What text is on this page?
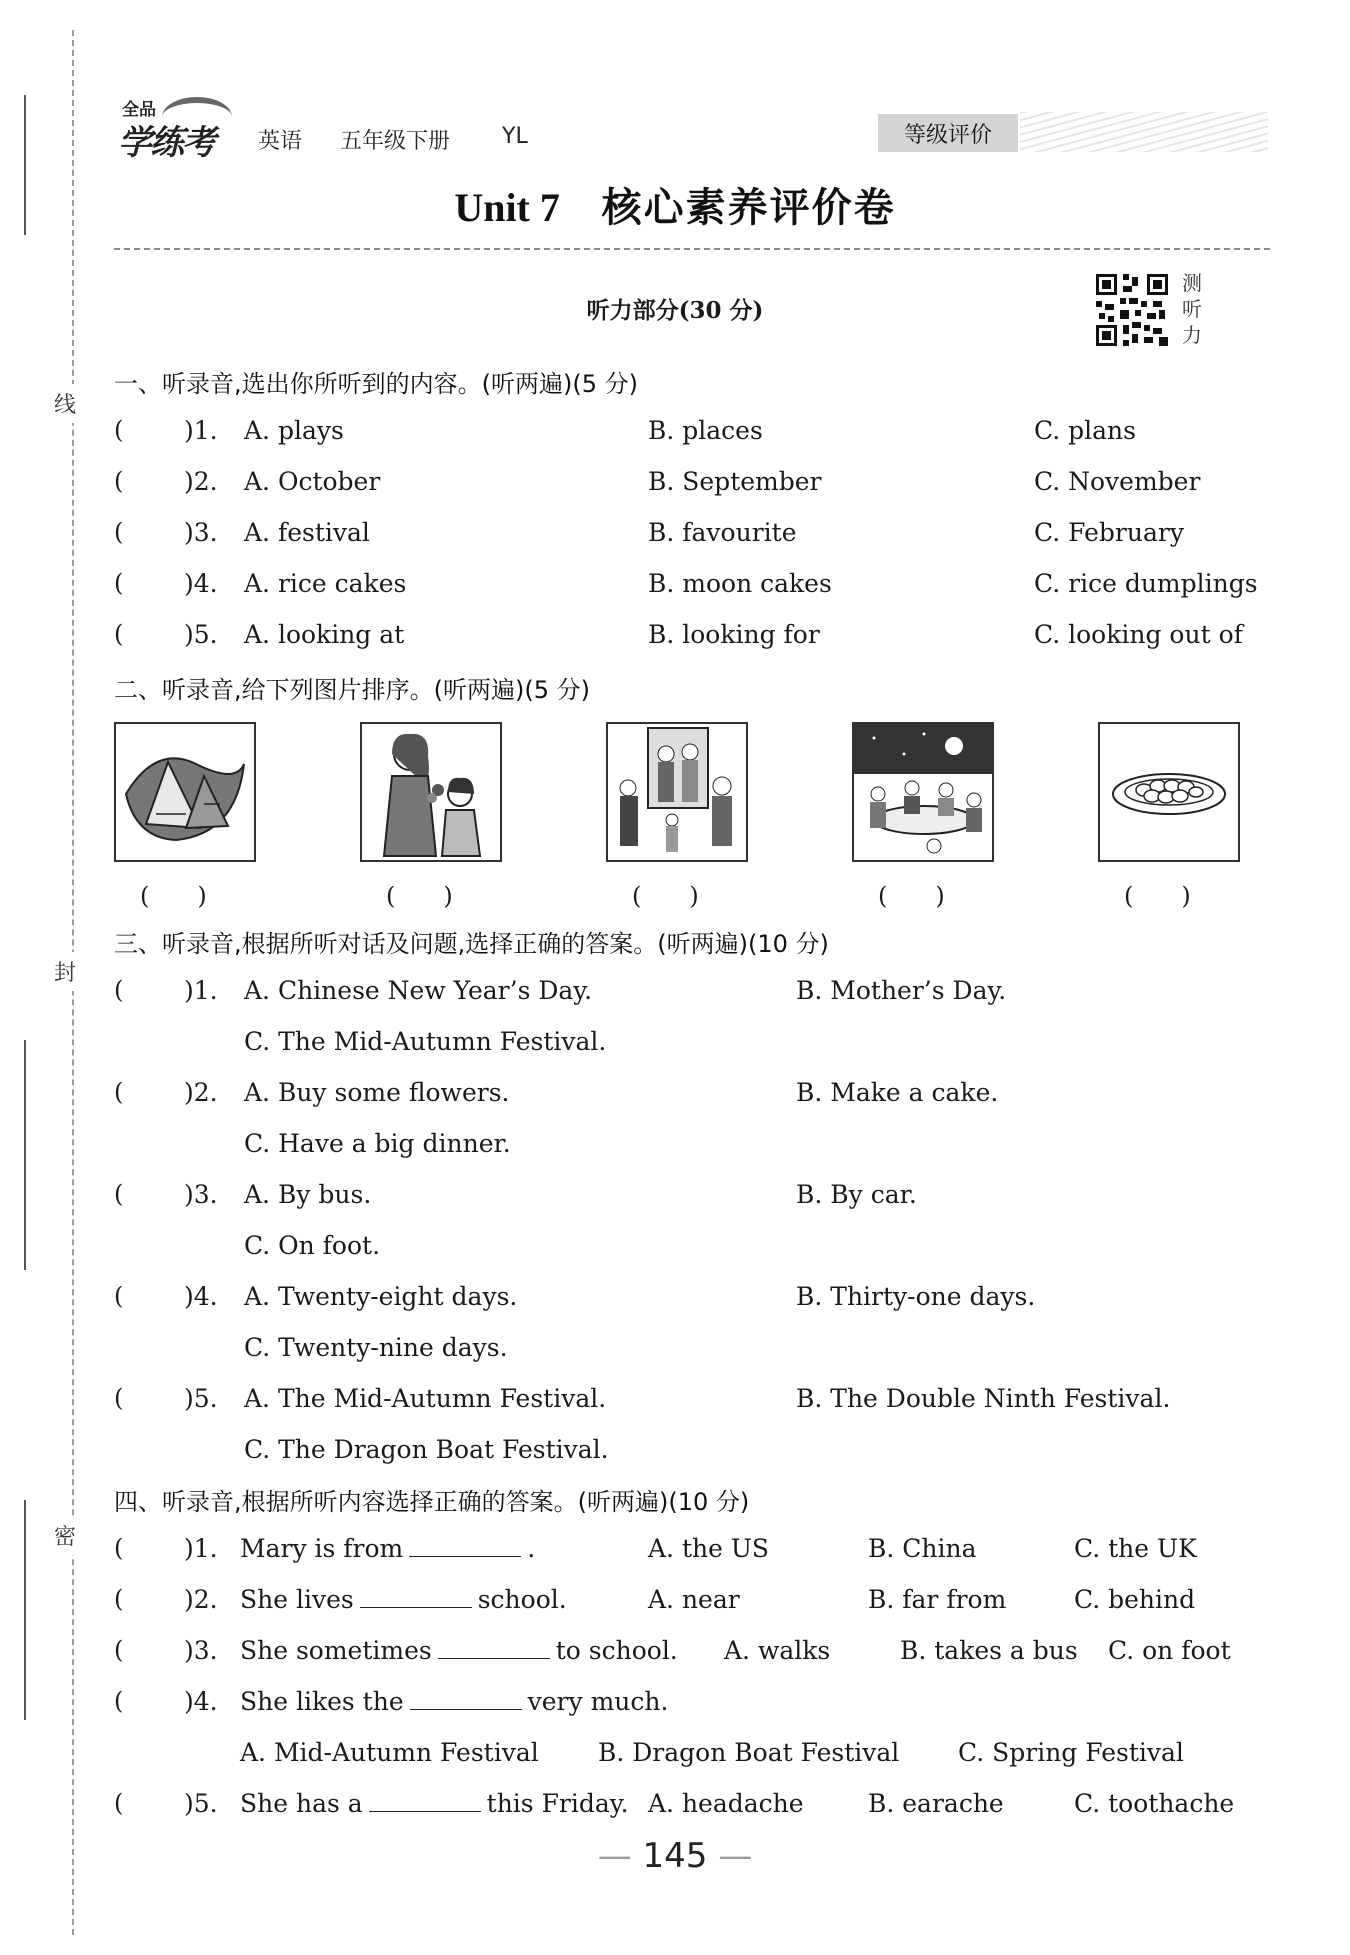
线
封
密
全品
学练考 英语 五年级下册 YL	等级评价
Unit 7 核心素养评价卷
听力部分(30 分)
测听力
一、听录音,选出你所听到的内容。(听两遍)(5 分)
( )1. A. plays	B. places	C. plans
( )2. A. October	B. September	C. November
( )3. A. festival	B. favourite	C. February
( )4. A. rice cakes	B. moon cakes	C. rice dumplings
( )5. A. looking at	B. looking for	C. looking out of
二、听录音,给下列图片排序。(听两遍)(5 分)
(　　)	(　　)	(　　)	(　　)	(　　)
三、听录音,根据所听对话及问题,选择正确的答案。(听两遍)(10 分)
( )1. A. Chinese New Year’s Day.	B. Mother’s Day.
C. The Mid-Autumn Festival.
( )2. A. Buy some flowers.	B. Make a cake.
C. Have a big dinner.
( )3. A. By bus.	B. By car.
C. On foot.
( )4. A. Twenty-eight days.	B. Thirty-one days.
C. Twenty-nine days.
( )5. A. The Mid-Autumn Festival.	B. The Double Ninth Festival.
C. The Dragon Boat Festival.
四、听录音,根据所听内容选择正确的答案。(听两遍)(10 分)
( )1. Mary is from	.	A. the US	B. China	C. the UK
( )2. She lives	school.	A. near	B. far from	C. behind
( )3. She sometimes	to school. A. walks	B. takes a bus C. on foot
( )4. She likes the	very much.
A. Mid-Autumn Festival B. Dragon Boat Festival C. Spring Festival
( )5. She has a	this Friday. A. headache	B. earache	C. toothache
— 145 —
